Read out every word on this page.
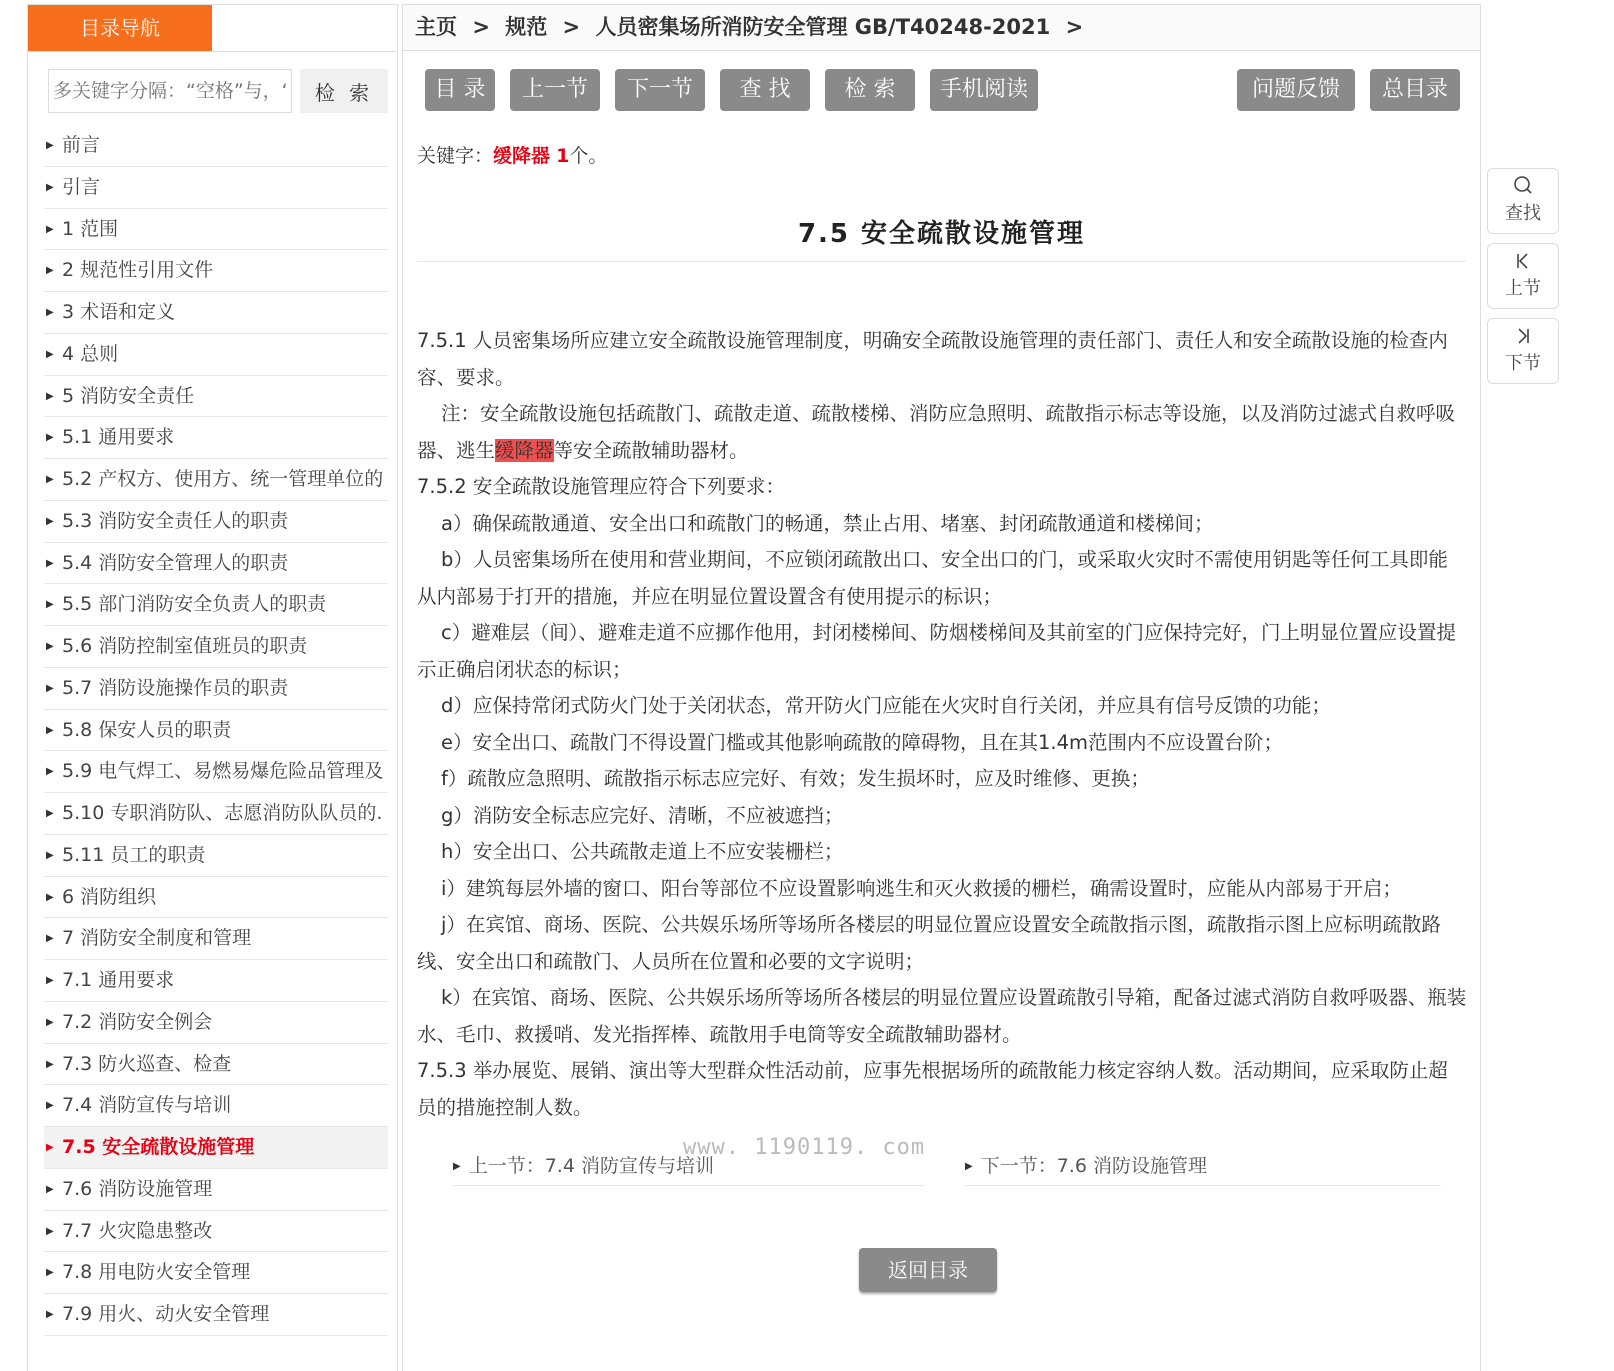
目录导航
多关键字分隔：“空格”与，“
检 索
▶ 前言
▶ 引言
▶ 1 范围
▶ 2 规范性引用文件
▶ 3 术语和定义
▶ 4 总则
▶ 5 消防安全责任
▶ 5.1 通用要求
▶ 5.2 产权方、使用方、统一管理单位的
▶ 5.3 消防安全责任人的职责
▶ 5.4 消防安全管理人的职责
▶ 5.5 部门消防安全负责人的职责
▶ 5.6 消防控制室值班员的职责
▶ 5.7 消防设施操作员的职责
▶ 5.8 保安人员的职责
▶ 5.9 电气焊工、易燃易爆危险品管理及
▶ 5.10 专职消防队、志愿消防队队员的.
▶ 5.11 员工的职责
▶ 6 消防组织
▶ 7 消防安全制度和管理
▶ 7.1 通用要求
▶ 7.2 消防安全例会
▶ 7.3 防火巡查、检查
▶ 7.4 消防宣传与培训
▶ 7.5 安全疏散设施管理
▶ 7.6 消防设施管理
▶ 7.7 火灾隐患整改
▶ 7.8 用电防火安全管理
▶ 7.9 用火、动火安全管理
主页 > 规范 > 人员密集场所消防安全管理 GB/T40248-2021 >
目 录	上一节	下一节	查 找	检 索	手机阅读	问题反馈	总目录
关键字：缓降器 1个。
7.5 安全疏散设施管理

7.5.1 人员密集场所应建立安全疏散设施管理制度，明确安全疏散设施管理的责任部门、责任人和安全疏散设施的检查内容、要求。

注：安全疏散设施包括疏散门、疏散走道、疏散楼梯、消防应急照明、疏散指示标志等设施，以及消防过滤式自救呼吸器、逃生缓降器等安全疏散辅助器材。

7.5.2 安全疏散设施管理应符合下列要求：

a）确保疏散通道、安全出口和疏散门的畅通，禁止占用、堵塞、封闭疏散通道和楼梯间；

b）人员密集场所在使用和营业期间，不应锁闭疏散出口、安全出口的门，或采取火灾时不需使用钥匙等任何工具即能从内部易于打开的措施，并应在明显位置设置含有使用提示的标识；

c）避难层（间）、避难走道不应挪作他用，封闭楼梯间、防烟楼梯间及其前室的门应保持完好，门上明显位置应设置提示正确启闭状态的标识；

d）应保持常闭式防火门处于关闭状态，常开防火门应能在火灾时自行关闭，并应具有信号反馈的功能；

e）安全出口、疏散门不得设置门槛或其他影响疏散的障碍物，且在其1.4m范围内不应设置台阶；

f）疏散应急照明、疏散指示标志应完好、有效；发生损坏时，应及时维修、更换；

g）消防安全标志应完好、清晰，不应被遮挡；

h）安全出口、公共疏散走道上不应安装栅栏；

i）建筑每层外墙的窗口、阳台等部位不应设置影响逃生和灭火救援的栅栏，确需设置时，应能从内部易于开启；

j）在宾馆、商场、医院、公共娱乐场所等场所各楼层的明显位置应设置安全疏散指示图，疏散指示图上应标明疏散路线、安全出口和疏散门、人员所在位置和必要的文字说明；

k）在宾馆、商场、医院、公共娱乐场所等场所各楼层的明显位置应设置疏散引导箱，配备过滤式消防自救呼吸器、瓶装水、毛巾、救援哨、发光指挥棒、疏散用手电筒等安全疏散辅助器材。

7.5.3 举办展览、展销、演出等大型群众性活动前，应事先根据场所的疏散能力核定容纳人数。活动期间，应采取防止超员的措施控制人数。

▶ 上一节：7.4 消防宣传与培训	▶ 下一节：7.6 消防设施管理
www. 1190119. com
返回目录
查找
上节
下节
